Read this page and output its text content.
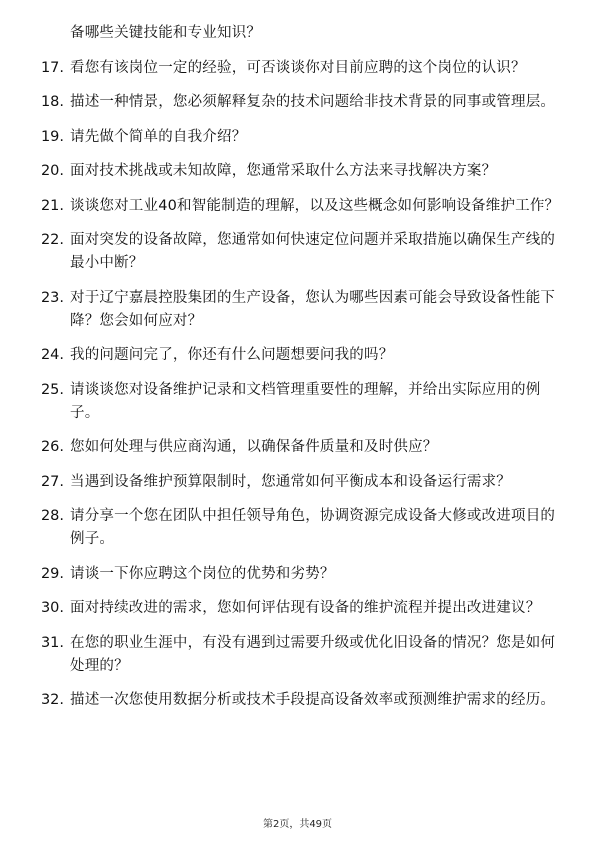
备哪些关键技能和专业知识？
17. 看您有该岗位一定的经验，可否谈谈你对目前应聘的这个岗位的认识？
18. 描述一种情景，您必须解释复杂的技术问题给非技术背景的同事或管理层。
19. 请先做个简单的自我介绍？
20. 面对技术挑战或未知故障，您通常采取什么方法来寻找解决方案？
21. 谈谈您对工业40和智能制造的理解，以及这些概念如何影响设备维护工作？
22. 面对突发的设备故障，您通常如何快速定位问题并采取措施以确保生产线的最小中断？
23. 对于辽宁嘉晨控股集团的生产设备，您认为哪些因素可能会导致设备性能下降？您会如何应对？
24. 我的问题问完了，你还有什么问题想要问我的吗？
25. 请谈谈您对设备维护记录和文档管理重要性的理解，并给出实际应用的例子。
26. 您如何处理与供应商沟通，以确保备件质量和及时供应？
27. 当遇到设备维护预算限制时，您通常如何平衡成本和设备运行需求？
28. 请分享一个您在团队中担任领导角色，协调资源完成设备大修或改进项目的例子。
29. 请谈一下你应聘这个岗位的优势和劣势？
30. 面对持续改进的需求，您如何评估现有设备的维护流程并提出改进建议？
31. 在您的职业生涯中，有没有遇到过需要升级或优化旧设备的情况？您是如何处理的？
32. 描述一次您使用数据分析或技术手段提高设备效率或预测维护需求的经历。
第2页，共49页
